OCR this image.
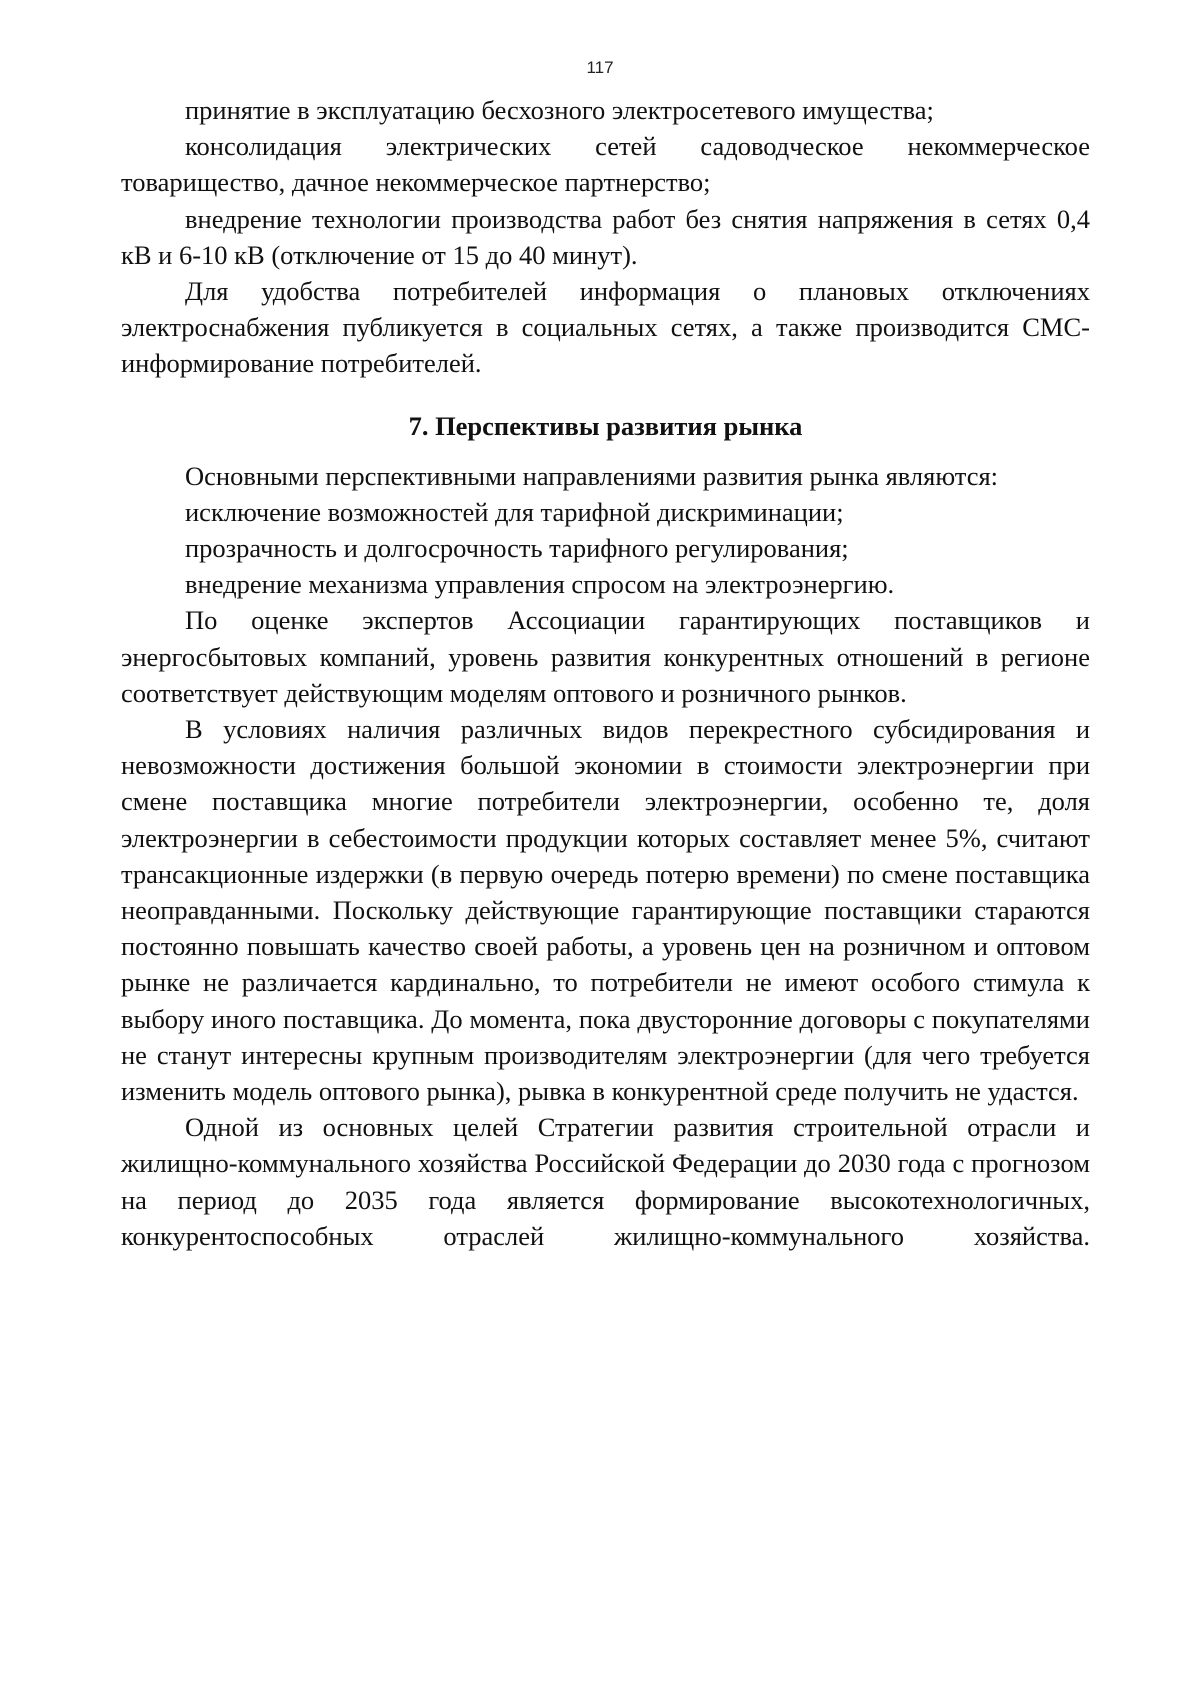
117

принятие в эксплуатацию бесхозного электросетевого имущества;

консолидация электрических сетей садоводческое некоммерческое товарищество, дачное некоммерческое партнерство;

внедрение технологии производства работ без снятия напряжения в сетях 0,4 кВ и 6-10 кВ (отключение от 15 до 40 минут).

Для удобства потребителей информация о плановых отключениях электроснабжения публикуется в социальных сетях, а также производится СМС-информирование потребителей.

7. Перспективы развития рынка

Основными перспективными направлениями развития рынка являются:

исключение возможностей для тарифной дискриминации;

прозрачность и долгосрочность тарифного регулирования;

внедрение механизма управления спросом на электроэнергию.

По оценке экспертов Ассоциации гарантирующих поставщиков и энергосбытовых компаний, уровень развития конкурентных отношений в регионе соответствует действующим моделям оптового и розничного рынков.

В условиях наличия различных видов перекрестного субсидирования и невозможности достижения большой экономии в стоимости электроэнергии при смене поставщика многие потребители электроэнергии, особенно те, доля электроэнергии в себестоимости продукции которых составляет менее 5%, считают трансакционные издержки (в первую очередь потерю времени) по смене поставщика неоправданными. Поскольку действующие гарантирующие поставщики стараются постоянно повышать качество своей работы, а уровень цен на розничном и оптовом рынке не различается кардинально, то потребители не имеют особого стимула к выбору иного поставщика. До момента, пока двусторонние договоры с покупателями не станут интересны крупным производителям электроэнергии (для чего требуется изменить модель оптового рынка), рывка в конкурентной среде получить не удастся.

Одной из основных целей Стратегии развития строительной отрасли и жилищно-коммунального хозяйства Российской Федерации до 2030 года с прогнозом на период до 2035 года является формирование высокотехнологичных, конкурентоспособных отраслей жилищно-коммунального хозяйства.
